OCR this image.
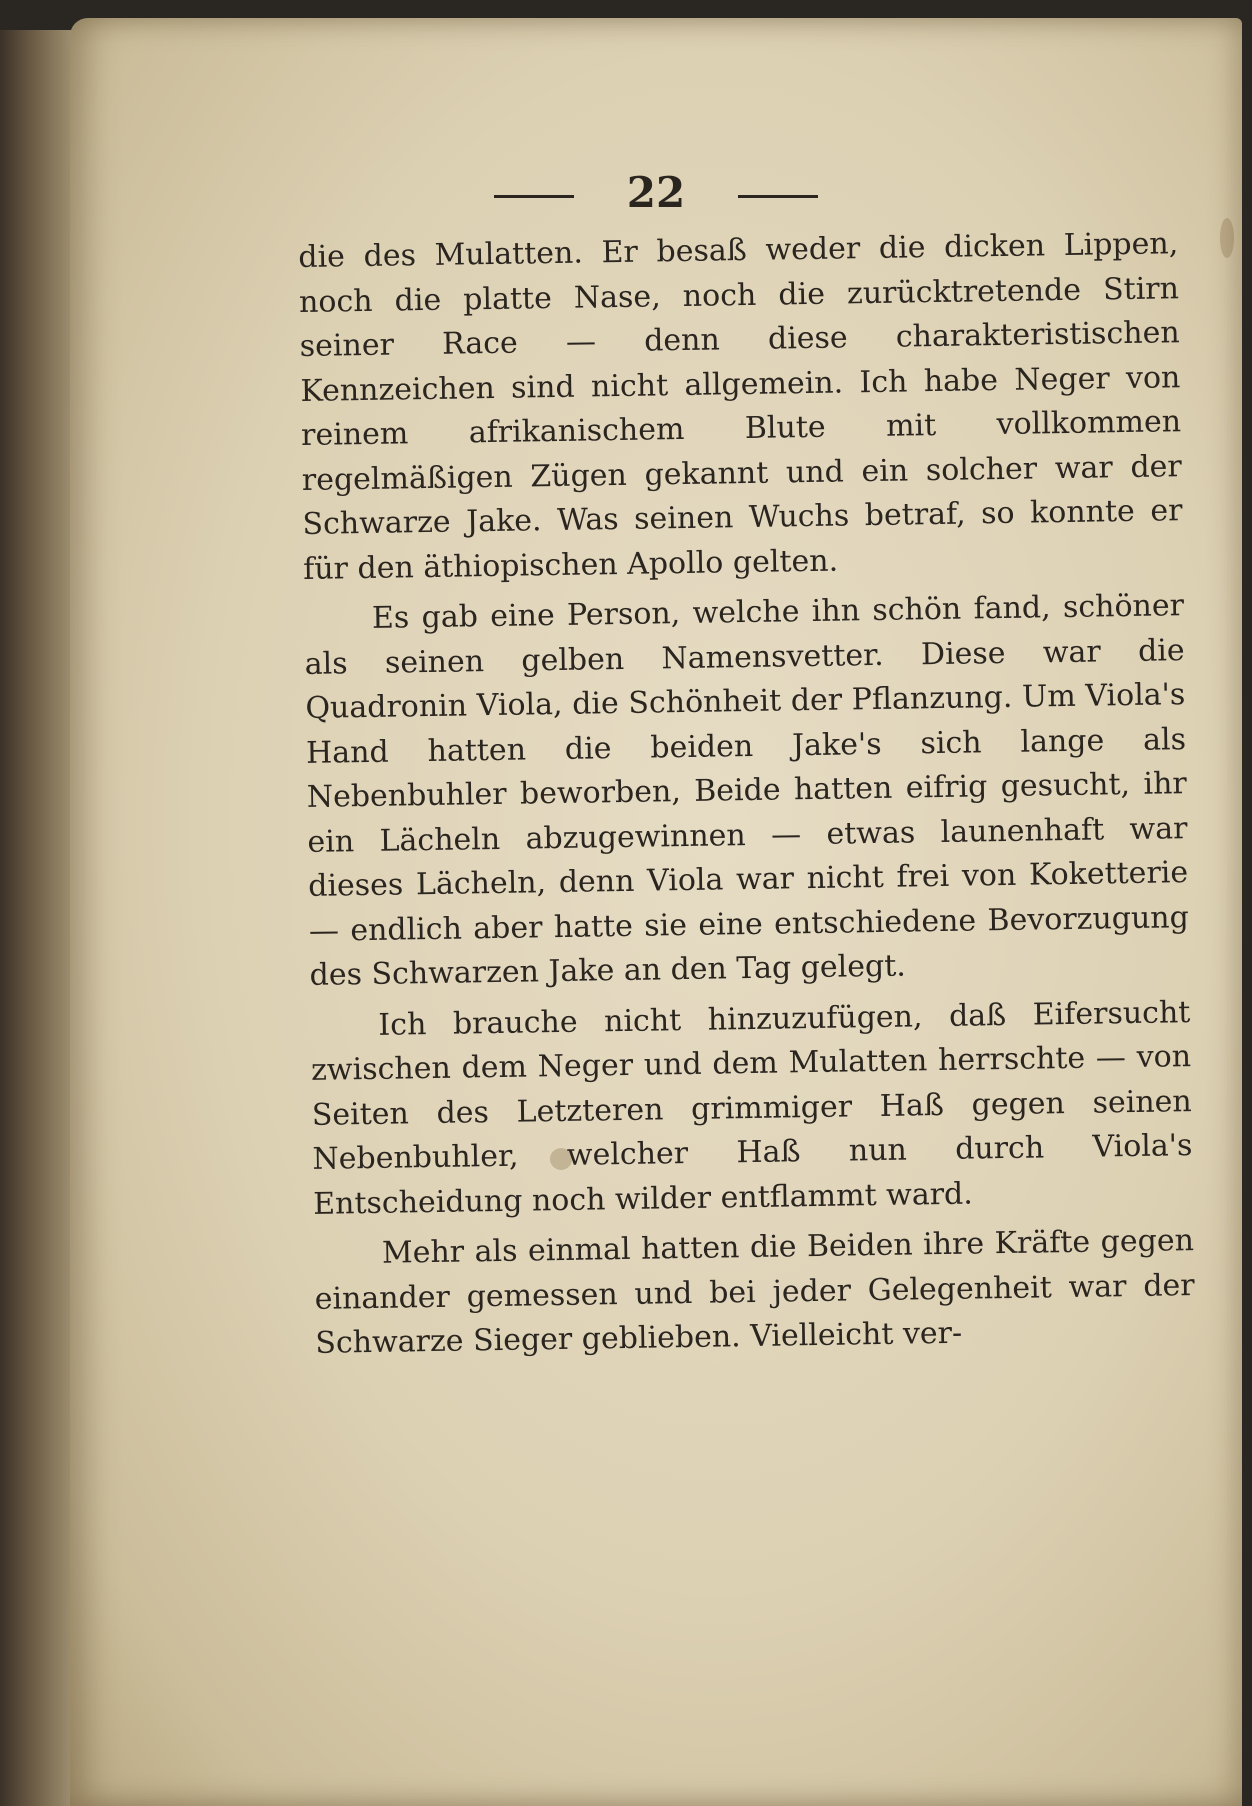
22

die des Mulatten. Er besaß weder die dicken Lippen, noch die platte Nase, noch die zurücktretende Stirn seiner Race — denn diese charakteristischen Kennzeichen sind nicht allgemein. Ich habe Neger von reinem afrikanischem Blute mit vollkommen regelmäßigen Zügen gekannt und ein solcher war der Schwarze Jake. Was seinen Wuchs betraf, so konnte er für den äthiopischen Apollo gelten.

Es gab eine Person, welche ihn schön fand, schöner als seinen gelben Namensvetter. Diese war die Quadronin Viola, die Schönheit der Pflanzung. Um Viola's Hand hatten die beiden Jake's sich lange als Nebenbuhler beworben, Beide hatten eifrig gesucht, ihr ein Lächeln abzugewinnen — etwas launenhaft war dieses Lächeln, denn Viola war nicht frei von Koketterie — endlich aber hatte sie eine entschiedene Bevorzugung des Schwarzen Jake an den Tag gelegt.

Ich brauche nicht hinzuzufügen, daß Eifersucht zwischen dem Neger und dem Mulatten herrschte — von Seiten des Letzteren grimmiger Haß gegen seinen Nebenbuhler, welcher Haß nun durch Viola's Entscheidung noch wilder entflammt ward.

Mehr als einmal hatten die Beiden ihre Kräfte gegen einander gemessen und bei jeder Gelegenheit war der Schwarze Sieger geblieben. Vielleicht ver-
